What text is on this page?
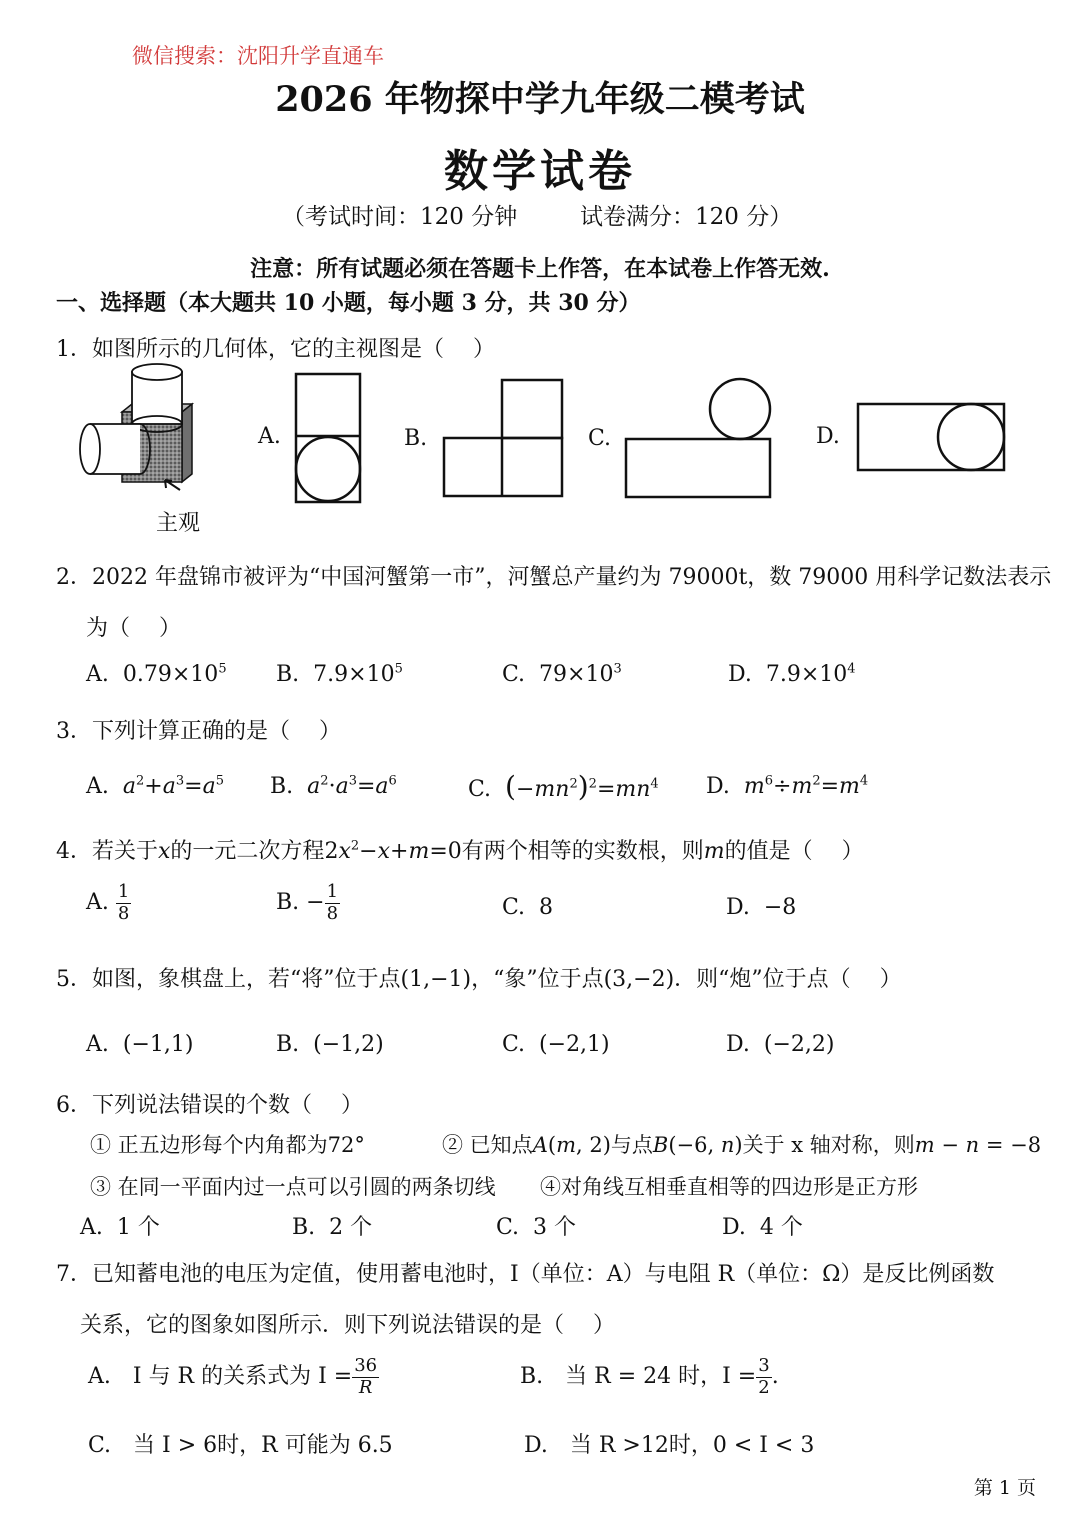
微信搜索：沈阳升学直通车
2026 年物探中学九年级二模考试
数学试卷
（考试时间：120 分钟	试卷满分：120 分）
注意：所有试题必须在答题卡上作答，在本试卷上作答无效.
一、选择题（本大题共 10 小题，每小题 3 分，共 30 分）
1．如图所示的几何体，它的主视图是（　 ）
主观
A.	B.	C.	D.
2．2022 年盘锦市被评为“中国河蟹第一市”，河蟹总产量约为 79000t，数 79000 用科学记数法表示
为（　 ）
A. $0.79\times 10^5$ B. $7.9\times 10^5$	C. $79\times 10^3$	D. $7.9\times 10^4$
3．下列计算正确的是（　 ）
A. $a^2+a^3=a^5$ B. $a^2\cdot a^3=a^6$	C. $(-mn^2)^2=mn^4$ D. $m^6\div m^2=m^4$
4．若关于x的一元二次方程$2x^2-x+m=0$有两个相等的实数根，则m的值是（　 ）
A. $\frac{1}{8}$	B. − $\frac{1}{8}$	C. 8	D. −8
5．如图，象棋盘上，若“将”位于点(1,−1)，“象”位于点(3,−2)．则“炮”位于点（　 ）
A. (−1,1)	B. (−1,2)	C. (−2,1)	D. (−2,2)
6．下列说法错误的个数（　 ）
① 正五边形每个内角都为72°	② 已知点A(m, 2)与点B(−6, n)关于 x 轴对称，则m − n = −8
③ 在同一平面内过一点可以引圆的两条切线 ④对角线互相垂直相等的四边形是正方形
A. 1 个	B. 2 个	C. 3 个	D. 4 个
7．已知蓄电池的电压为定值，使用蓄电池时，I（单位：A）与电阻 R（单位：Ω）是反比例函数
关系，它的图象如图所示．则下列说法错误的是（　 ）
A.　I 与 R 的关系式为 $I = \frac{36}{R}$	B.　当 R = 24 时，$I = \frac{3}{2}$ .
C.　当 I > 6时，R 可能为 6.5	D.　当 R >12时，0 < I < 3
第 1 页
